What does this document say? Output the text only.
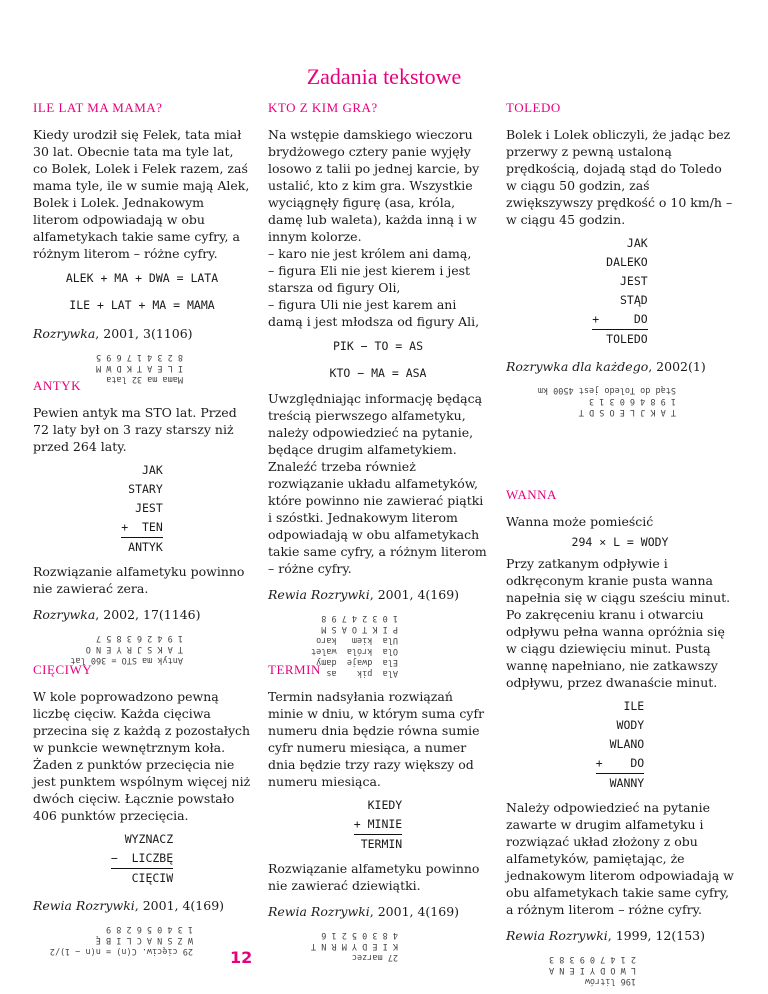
Zadania tekstowe
ILE LAT MA MAMA?

Kiedy urodził się Felek, tata miał 30 lat. Obecnie tata ma tyle lat, co Bolek, Lolek i Felek razem, zaś mama tyle, ile w sumie mają Alek, Bolek i Lolek. Jednakowym literom odpowiadają w obu alfametykach takie same cyfry, a różnym literom – różne cyfry.

ALEK + MA + DWA = LATA
ILE + LAT + MA = MAMA
Rozrywka, 2001, 3(1106)
Mama ma 32 lata
I L E A T K D W M
8 2 3 4 1 7 6 9 5
ANTYK

Pewien antyk ma STO lat. Przed 72 laty był on 3 razy starszy niż przed 264 laty.

JAK
STARY
JEST
+  TEN
ANTYK

Rozwiązanie alfametyku powinno nie zawierać zera.

Rozrywka, 2002, 17(1146)
Antyk ma STO = 360 lat
T A K S J R Y E N O
1 9 4 2 6 3 8 5 7
CIĘCIWY

W kole poprowadzono pewną liczbę cięciw. Każda cięciwa przecina się z każdą z pozostałych w punkcie wewnętrznym koła. Żaden z punktów przecięcia nie jest punktem wspólnym więcej niż dwóch cięciw. Łącznie powstało 406 punktów przecięcia.

WYZNACZ
−  LICZBĘ
CIĘCIW
Rewia Rozrywki, 2001, 4(169)
29 cięciw. C(n) = n(n − 1)/2
W Z S N A C L I B Ę
1 3 4 0 5 6 2 8 9
KTO Z KIM GRA?

Na wstępie damskiego wieczoru brydżowego cztery panie wyjęły losowo z talii po jednej karcie, by ustalić, kto z kim gra. Wszystkie wyciągnęły figurę (asa, króla, damę lub waleta), każda inną i w innym kolorze.

– karo nie jest królem ani damą,

– figura Eli nie jest kierem i jest starsza od figury Oli,

– figura Uli nie jest karem ani damą i jest młodsza od figury Ali,

PIK − TO = AS
KTO − MA = ASA

Uwzględniając informację będącą treścią pierwszego alfametyku, należy odpowiedzieć na pytanie, będące drugim alfametykiem. Znaleźć trzeba również rozwiązanie układu alfametyków, które powinno nie zawierać piątki i szóstki. Jednakowym literom odpowiadają w obu alfametykach takie same cyfry, a różnym literom – różne cyfry.

Rewia Rozrywki, 2001, 4(169)
Ala  pik    as
Ela  dwaje  damy
Ola  króla  walet
Ula  kiem   karo
P I K T O A S M
1 0 3 2 4 7 9 8
TERMIN

Termin nadsyłania rozwiązań minie w dniu, w którym suma cyfr numeru dnia będzie równa sumie cyfr numeru miesiąca, a numer dnia będzie trzy razy większy od numeru miesiąca.

KIEDY
+ MINIE
TERMIN

Rozwiązanie alfametyku powinno nie zawierać dziewiątki.

Rewia Rozrywki, 2001, 4(169)
27 marzec
K I E D Y M R N T
4 8 3 0 5 2 1 6
TOLEDO

Bolek i Lolek obliczyli, że jadąc bez przerwy z pewną ustaloną prędkością, dojadą stąd do Toledo w ciągu 50 godzin, zaś zwiększywszy prędkość o 10 km/h – w ciągu 45 godzin.

JAK
DALEKO
JEST
STĄD
+     DO
TOLEDO
Rozrywka dla każdego, 2002(1)
T A K J L E O S D T
1 9 8 4 6 0 3 1 3
Stąd do Toledo jest 4500 km
WANNA

Wanna może pomieścić

294 × L = WODY

Przy zatkanym odpływie i odkręconym kranie pusta wanna napełnia się w ciągu sześciu minut. Po zakręceniu kranu i otwarciu odpływu pełna wanna opróżnia się w ciągu dziewięciu minut. Pustą wannę napełniano, nie zatkawszy odpływu, przez dwanaście minut.

ILE
WODY
WLANO
+    DO
WANNY

Należy odpowiedzieć na pytanie zawarte w drugim alfametyku i rozwiązać układ złożony z obu alfametyków, pamiętając, że jednakowym literom odpowiadają w obu alfametykach takie same cyfry, a różnym literom – różne cyfry.

Rewia Rozrywki, 1999, 12(153)
196 litrów
L W O D Y I E N A
2 1 4 7 0 9 3 8 3
12
